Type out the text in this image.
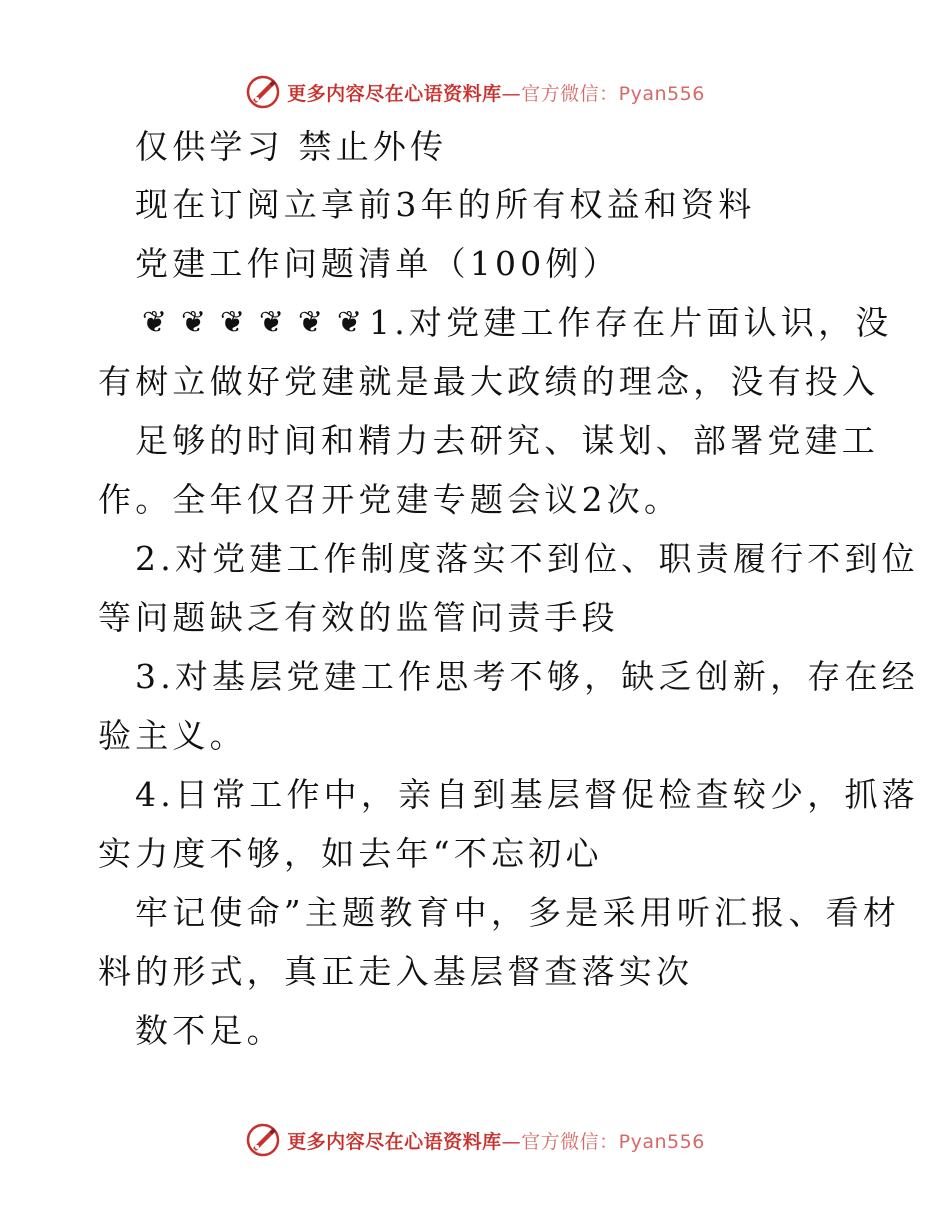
更多内容尽在心语资料库—官方微信：Pyan556
仅供学习 禁止外传
现在订阅立享前3年的所有权益和资料
党建工作问题清单（100例）
❦ ❦ ❦ ❦ ❦ ❦ 1.对党建工作存在片面认识，没
有树立做好党建就是最大政绩的理念，没有投入
足够的时间和精力去研究、谋划、部署党建工
作。全年仅召开党建专题会议2次。
2.对党建工作制度落实不到位、职责履行不到位
等问题缺乏有效的监管问责手段
3.对基层党建工作思考不够，缺乏创新，存在经
验主义。
4.日常工作中，亲自到基层督促检查较少，抓落
实力度不够，如去年“不忘初心
牢记使命”主题教育中，多是采用听汇报、看材
料的形式，真正走入基层督查落实次
数不足。
更多内容尽在心语资料库—官方微信：Pyan556
